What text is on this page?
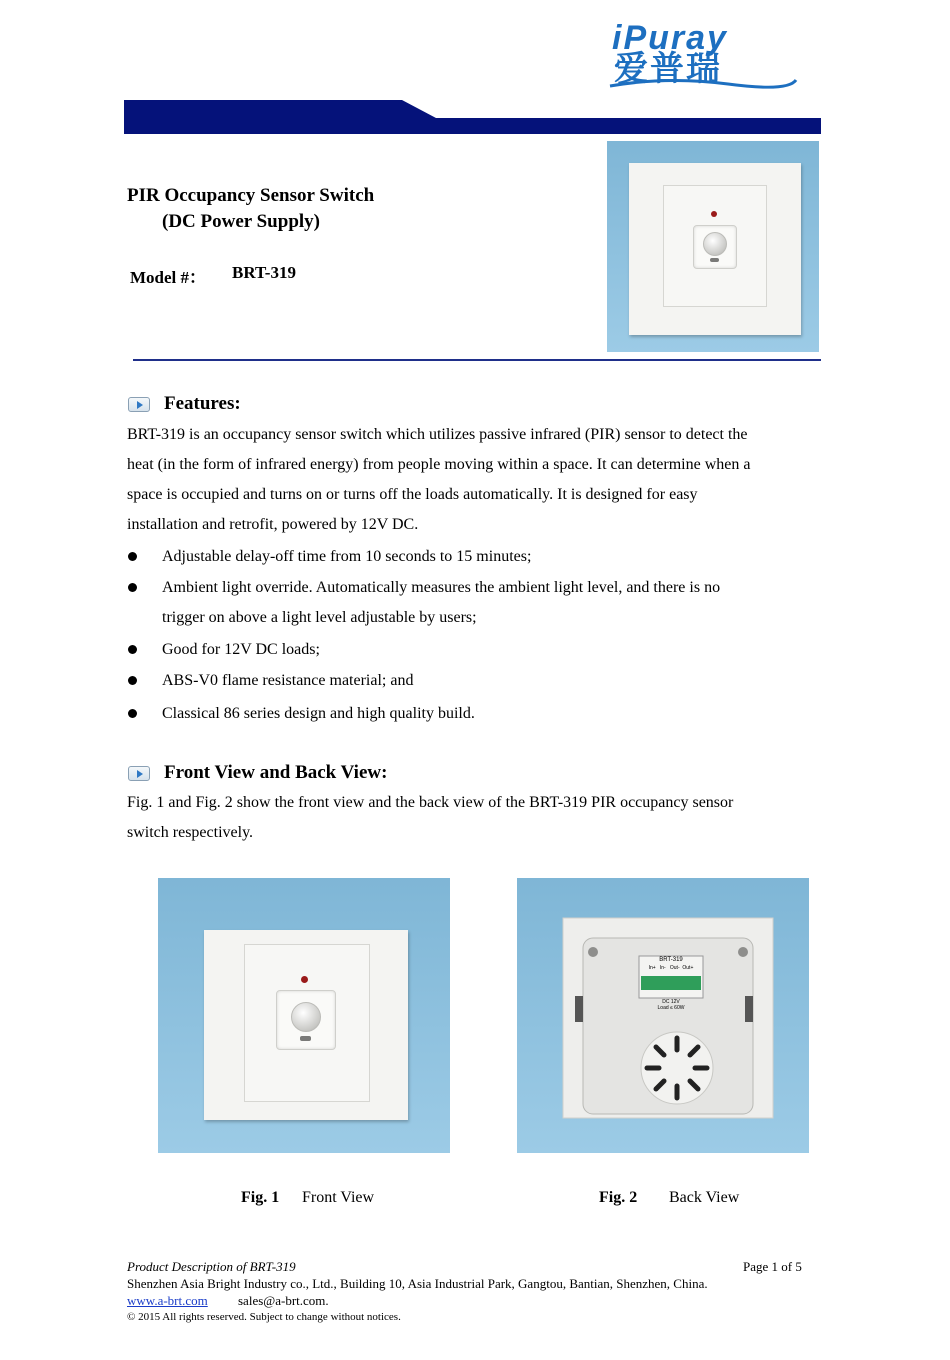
iPuray
爱普瑞
PIR Occupancy Sensor Switch
(DC Power Supply)
Model #： BRT-319
Features:
BRT-319 is an occupancy sensor switch which utilizes passive infrared (PIR) sensor to detect the
heat (in the form of infrared energy) from people moving within a space. It can determine when a
space is occupied and turns on or turns off the loads automatically. It is designed for easy
installation and retrofit, powered by 12V DC.
Adjustable delay-off time from 10 seconds to 15 minutes;
Ambient light override. Automatically measures the ambient light level, and there is no
trigger on above a light level adjustable by users;
Good for 12V DC loads;
ABS-V0 flame resistance material; and
Classical 86 series design and high quality build.
Front View and Back View:
Fig. 1 and Fig. 2 show the front view and the back view of the BRT-319 PIR occupancy sensor
switch respectively.
BRT-319
In+   In-   Out-  Out+
DC 12V
Load ≤ 60W
Fig. 1 Front View	Fig. 2 Back View
Product Description of BRT-319	Page 1 of 5
Shenzhen Asia Bright Industry co., Ltd., Building 10, Asia Industrial Park, Gangtou, Bantian, Shenzhen, China.
www.a-brt.com sales@a-brt.com.
© 2015 All rights reserved. Subject to change without notices.
